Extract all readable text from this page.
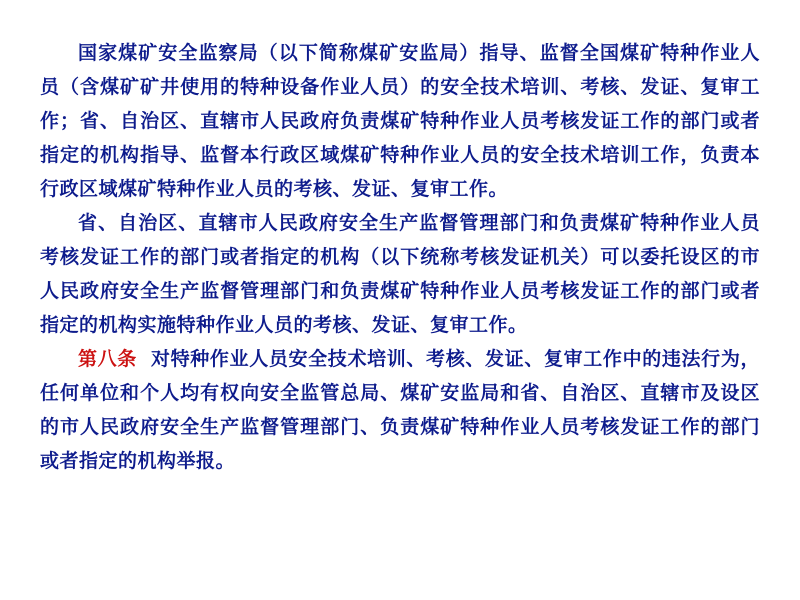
国家煤矿安全监察局（以下简称煤矿安监局）指导、监督全国煤矿特种作业人员（含煤矿矿井使用的特种设备作业人员）的安全技术培训、考核、发证、复审工作；省、自治区、直辖市人民政府负责煤矿特种作业人员考核发证工作的部门或者指定的机构指导、监督本行政区域煤矿特种作业人员的安全技术培训工作，负责本行政区域煤矿特种作业人员的考核、发证、复审工作。

省、自治区、直辖市人民政府安全生产监督管理部门和负责煤矿特种作业人员考核发证工作的部门或者指定的机构（以下统称考核发证机关）可以委托设区的市人民政府安全生产监督管理部门和负责煤矿特种作业人员考核发证工作的部门或者指定的机构实施特种作业人员的考核、发证、复审工作。

第八条 对特种作业人员安全技术培训、考核、发证、复审工作中的违法行为，任何单位和个人均有权向安全监管总局、煤矿安监局和省、自治区、直辖市及设区的市人民政府安全生产监督管理部门、负责煤矿特种作业人员考核发证工作的部门或者指定的机构举报。
